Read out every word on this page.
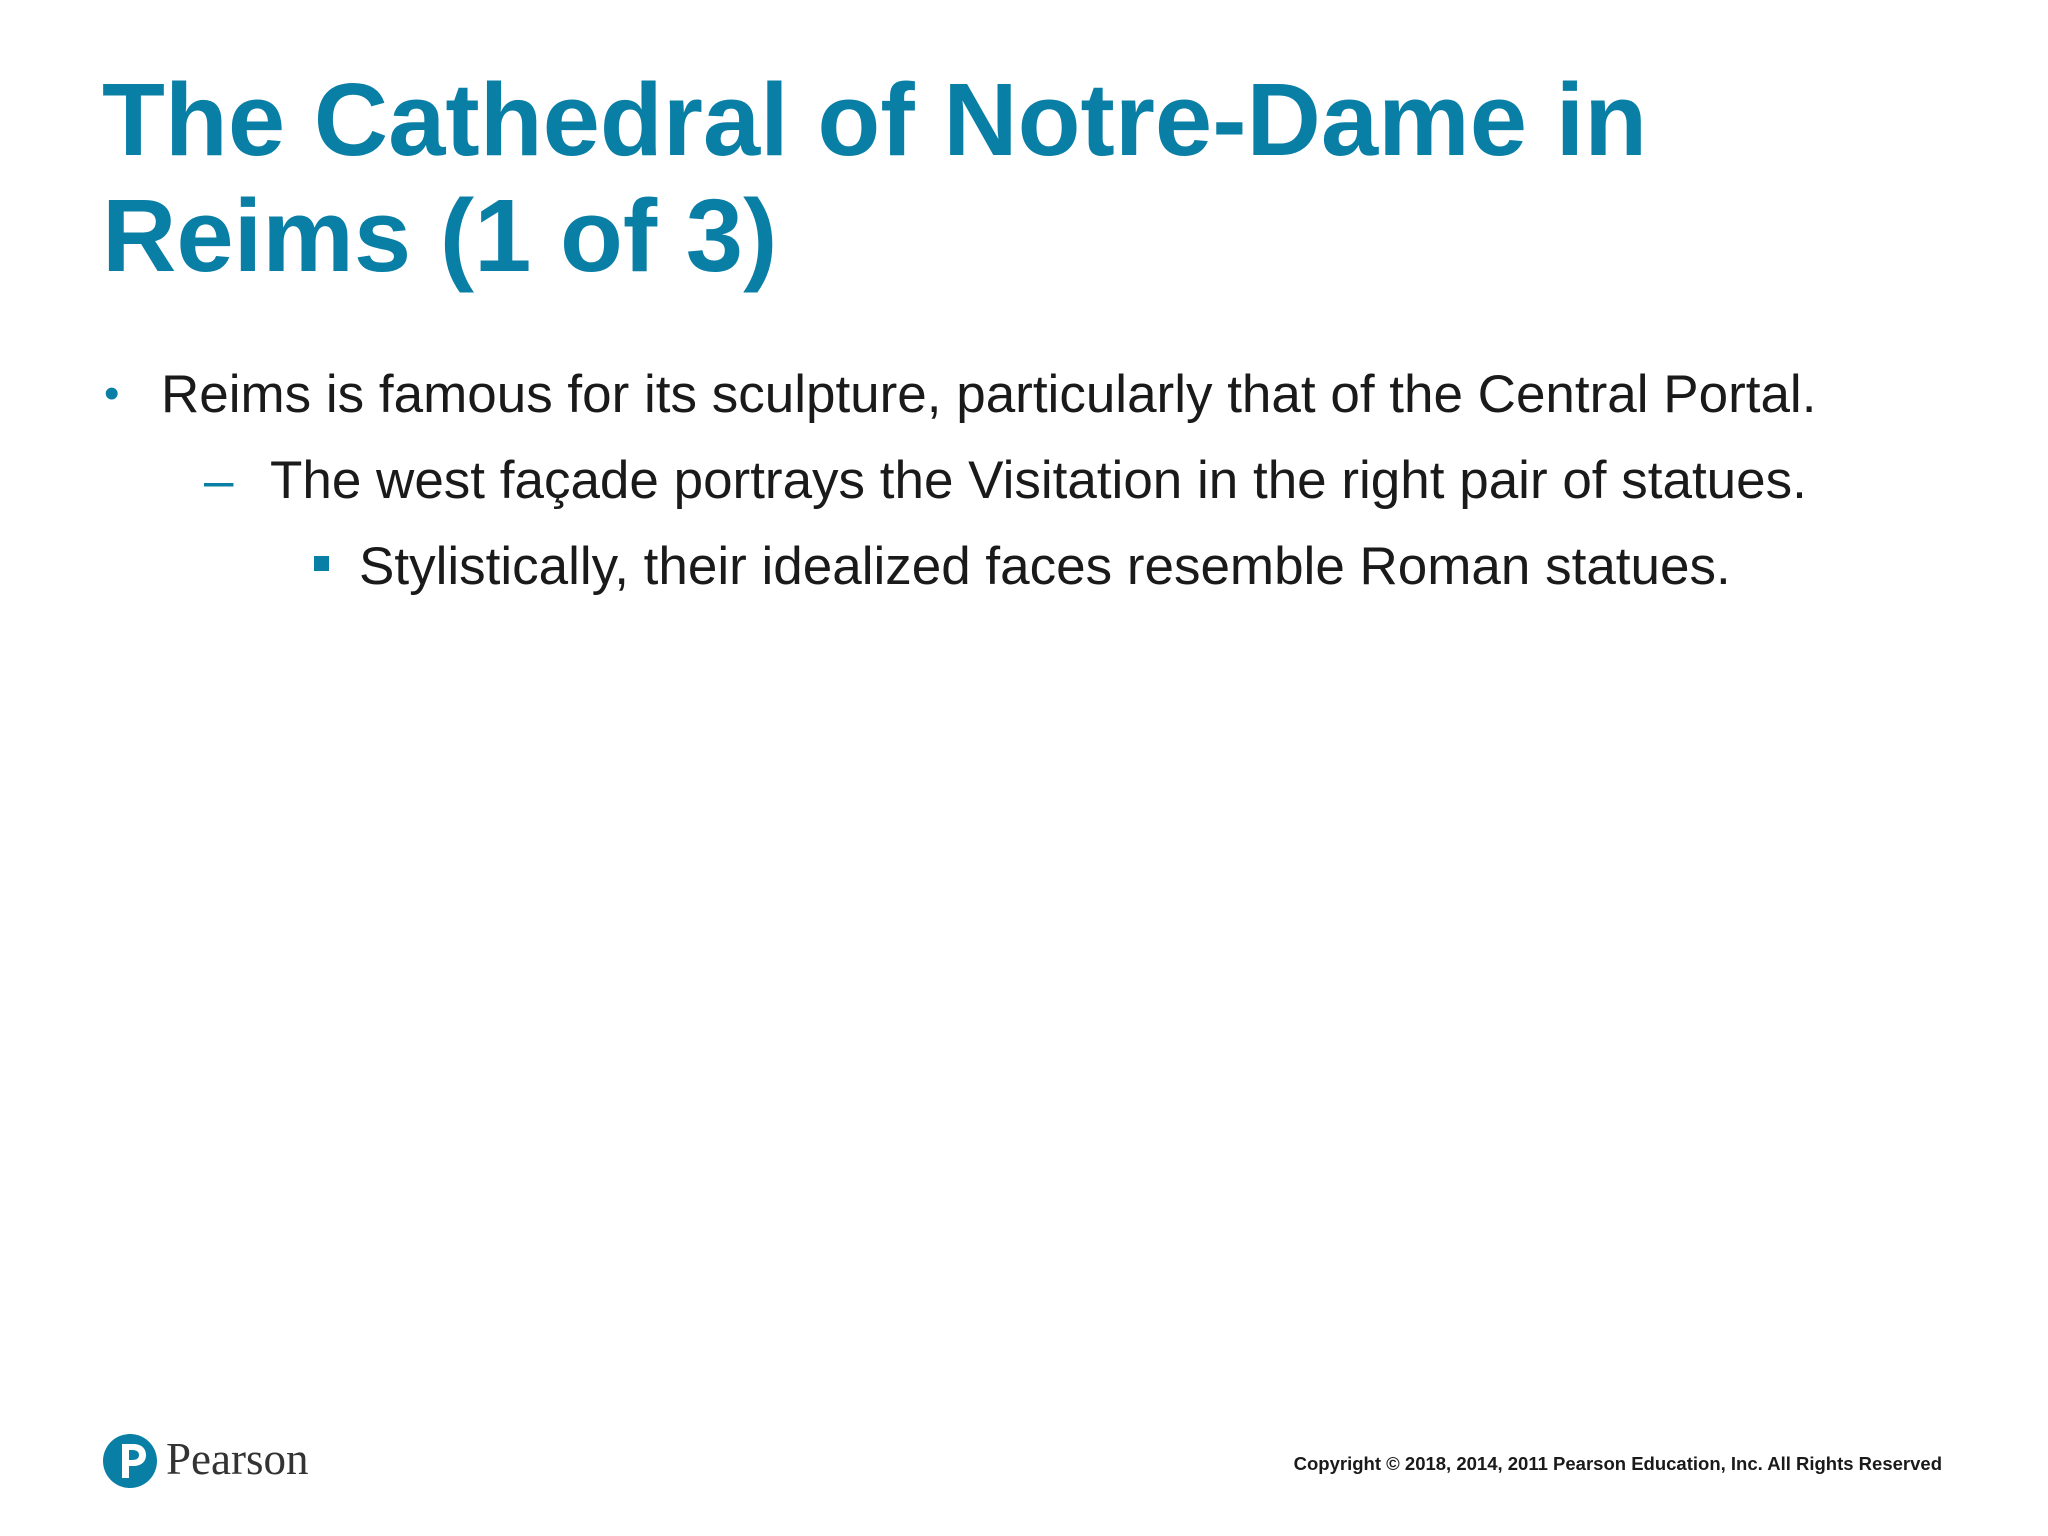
The Cathedral of Notre-Dame in Reims (1 of 3)
• Reims is famous for its sculpture, particularly that of the Central Portal.
– The west façade portrays the Visitation in the right pair of statues.
Stylistically, their idealized faces resemble Roman statues.
Pearson	Copyright © 2018, 2014, 2011 Pearson Education, Inc. All Rights Reserved
